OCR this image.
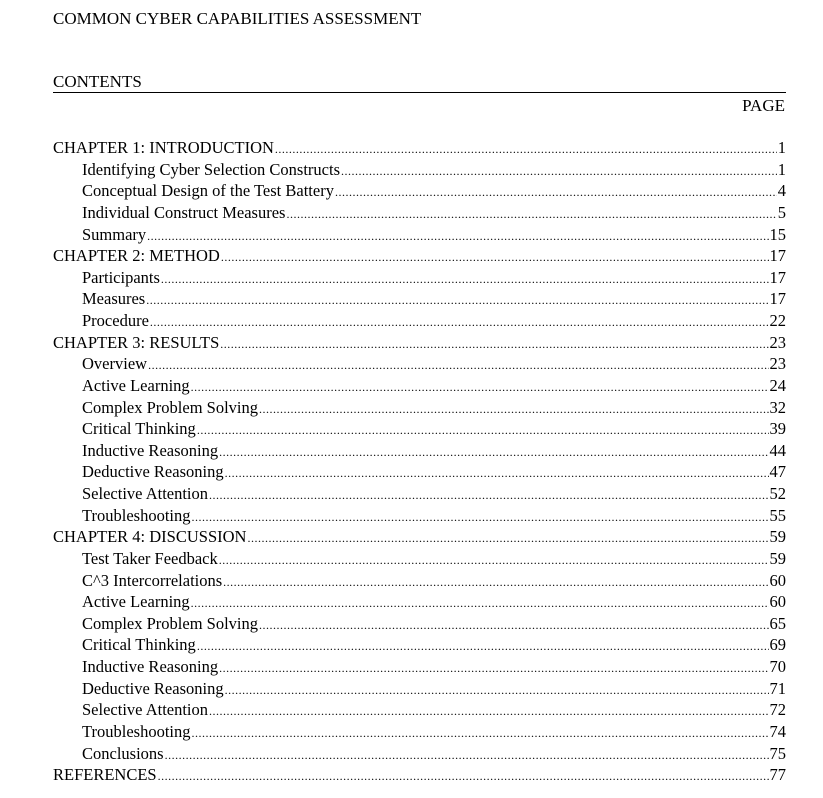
COMMON CYBER CAPABILITIES ASSESSMENT
CONTENTS
PAGE
CHAPTER 1: INTRODUCTION .....	1
Identifying Cyber Selection Constructs .....	1
Conceptual Design of the Test Battery .....	4
Individual Construct Measures .....	5
Summary .....	15
CHAPTER 2: METHOD .....	17
Participants .....	17
Measures .....	17
Procedure .....	22
CHAPTER 3: RESULTS .....	23
Overview .....	23
Active Learning .....	24
Complex Problem Solving .....	32
Critical Thinking .....	39
Inductive Reasoning .....	44
Deductive Reasoning .....	47
Selective Attention .....	52
Troubleshooting .....	55
CHAPTER 4: DISCUSSION .....	59
Test Taker Feedback .....	59
C^3 Intercorrelations .....	60
Active Learning .....	60
Complex Problem Solving .....	65
Critical Thinking .....	69
Inductive Reasoning .....	70
Deductive Reasoning .....	71
Selective Attention .....	72
Troubleshooting .....	74
Conclusions .....	75
REFERENCES .....	77
